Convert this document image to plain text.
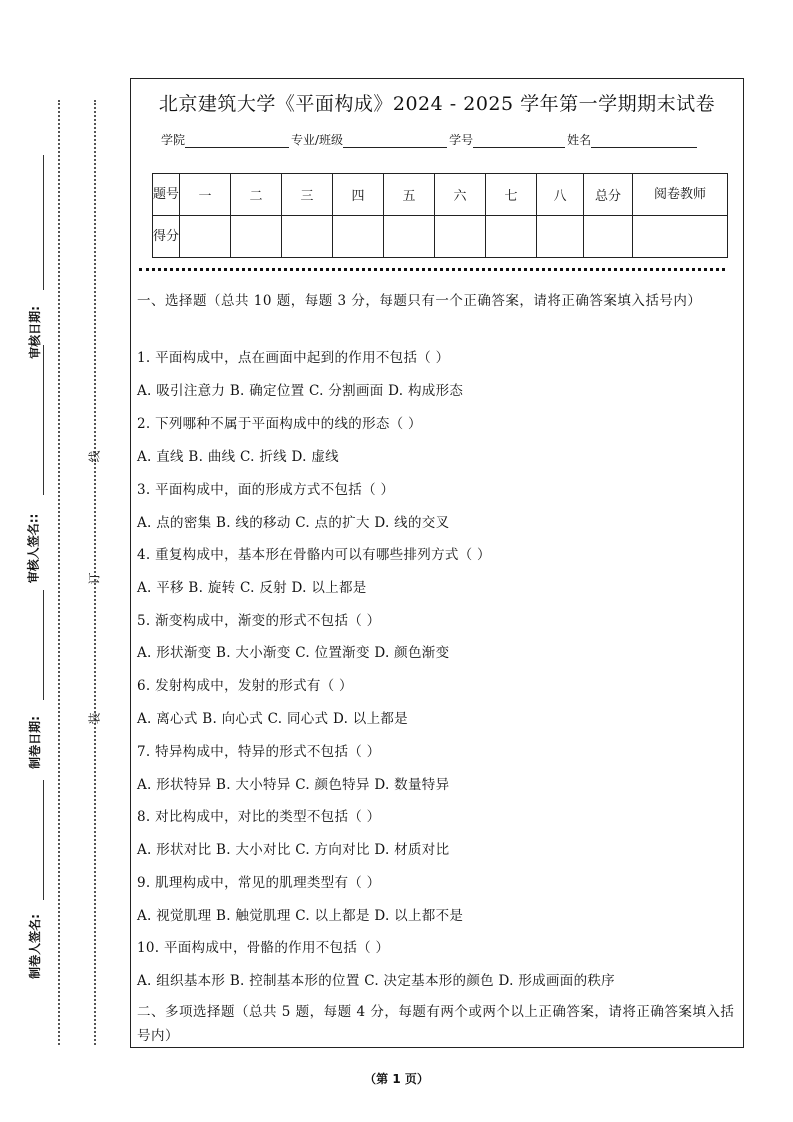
审核日期:
审核人签名::
制卷日期:
制卷人签名:
线
订
装
北京建筑大学《平面构成》2024 - 2025 学年第一学期期末试卷
学院	专业/班级	学号	姓名
题号	一	二	三	四	五	六	七	八	总分	阅卷教师
得分										
一、选择题（总共 10 题，每题 3 分，每题只有一个正确答案，请将正确答案填入括号内）
1. 平面构成中，点在画面中起到的作用不包括（ ）
A. 吸引注意力 B. 确定位置 C. 分割画面 D. 构成形态
2. 下列哪种不属于平面构成中的线的形态（ ）
A. 直线 B. 曲线 C. 折线 D. 虚线
3. 平面构成中，面的形成方式不包括（ ）
A. 点的密集 B. 线的移动 C. 点的扩大 D. 线的交叉
4. 重复构成中，基本形在骨骼内可以有哪些排列方式（ ）
A. 平移 B. 旋转 C. 反射 D. 以上都是
5. 渐变构成中，渐变的形式不包括（ ）
A. 形状渐变 B. 大小渐变 C. 位置渐变 D. 颜色渐变
6. 发射构成中，发射的形式有（ ）
A. 离心式 B. 向心式 C. 同心式 D. 以上都是
7. 特异构成中，特异的形式不包括（ ）
A. 形状特异 B. 大小特异 C. 颜色特异 D. 数量特异
8. 对比构成中，对比的类型不包括（ ）
A. 形状对比 B. 大小对比 C. 方向对比 D. 材质对比
9. 肌理构成中，常见的肌理类型有（ ）
A. 视觉肌理 B. 触觉肌理 C. 以上都是 D. 以上都不是
10. 平面构成中，骨骼的作用不包括（ ）
A. 组织基本形 B. 控制基本形的位置 C. 决定基本形的颜色 D. 形成画面的秩序
二、多项选择题（总共 5 题，每题 4 分，每题有两个或两个以上正确答案，请将正确答案填入括号内）
（第 1 页）
